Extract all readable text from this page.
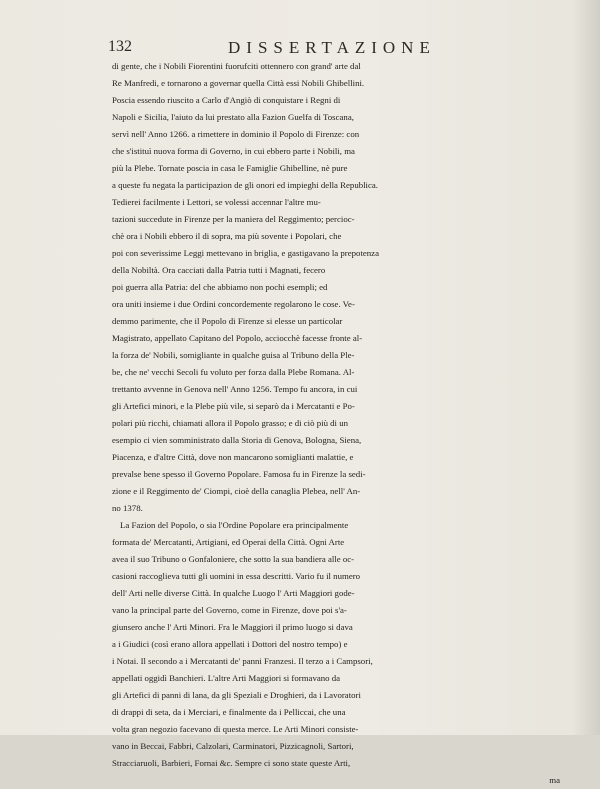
132	DISSERTAZIONE
di gente, che i Nobili Fiorentini fuorufciti ottennero con grand' arte dal
Re Manfredi, e tornarono a governar quella Città essi Nobili Ghibellini.
Poscia essendo riuscito a Carlo d'Angiò di conquistare i Regni di
Napoli e Sicilia, l'aiuto da lui prestato alla Fazion Guelfa di Toscana,
servì nell' Anno 1266. a rimettere in dominio il Popolo di Firenze: con
che s'istituì nuova forma di Governo, in cui ebbero parte i Nobili, ma
più la Plebe. Tornate poscia in casa le Famiglie Ghibelline, nè pure
a queste fu negata la participazion de gli onori ed impieghi della Republica.
Tedierei facilmente i Lettori, se volessi accennar l'altre mu-
tazioni succedute in Firenze per la maniera del Reggimento; percioc-
chè ora i Nobili ebbero il di sopra, ma più sovente i Popolari, che
poi con severissime Leggi mettevano in briglia, e gastigavano la prepotenza
della Nobiltà. Ora cacciati dalla Patria tutti i Magnati, fecero
poi guerra alla Patria: del che abbiamo non pochi esempli; ed
ora uniti insieme i due Ordini concordemente regolarono le cose. Ve-
demmo parimente, che il Popolo di Firenze si elesse un particolar
Magistrato, appellato Capitano del Popolo, acciocchè facesse fronte al-
la forza de' Nobili, somigliante in qualche guisa al Tribuno della Ple-
be, che ne' vecchi Secoli fu voluto per forza dalla Plebe Romana. Al-
trettanto avvenne in Genova nell' Anno 1256. Tempo fu ancora, in cui
gli Artefici minori, e la Plebe più vile, si separò da i Mercatanti e Po-
polari più ricchi, chiamati allora il Popolo grasso; e di ciò più di un
esempio ci vien somministrato dalla Storia di Genova, Bologna, Siena,
Piacenza, e d'altre Città, dove non mancarono somiglianti malattie, e
prevalse bene spesso il Governo Popolare. Famosa fu in Firenze la sedi-
zione e il Reggimento de' Ciompi, cioè della canaglia Plebea, nell' An-
no 1378.
La Fazion del Popolo, o sia l'Ordine Popolare era principalmente
formata de' Mercatanti, Artigiani, ed Operai della Città. Ogni Arte
avea il suo Tribuno o Gonfaloniere, che sotto la sua bandiera alle oc-
casioni raccoglieva tutti gli uomini in essa descritti. Vario fu il numero
dell' Arti nelle diverse Città. In qualche Luogo l' Arti Maggiori gode-
vano la principal parte del Governo, come in Firenze, dove poi s'a-
giunsero anche l' Arti Minori. Fra le Maggiori il primo luogo si dava
a i Giudici (così erano allora appellati i Dottori del nostro tempo) e
i Notai. Il secondo a i Mercatanti de' panni Franzesi. Il terzo a i Campsori,
appellati oggidì Banchieri. L'altre Arti Maggiori si formavano da
gli Artefici di panni di lana, da gli Speziali e Droghieri, da i Lavoratori
di drappi di seta, da i Merciari, e finalmente da i Pelliccai, che una
volta gran negozio facevano di questa merce. Le Arti Minori consiste-
vano in Beccai, Fabbri, Calzolari, Carminatori, Pizzicagnoli, Sartori,
Stracciaruoli, Barbieri, Fornai &c. Sempre ci sono state queste Arti,
ma
